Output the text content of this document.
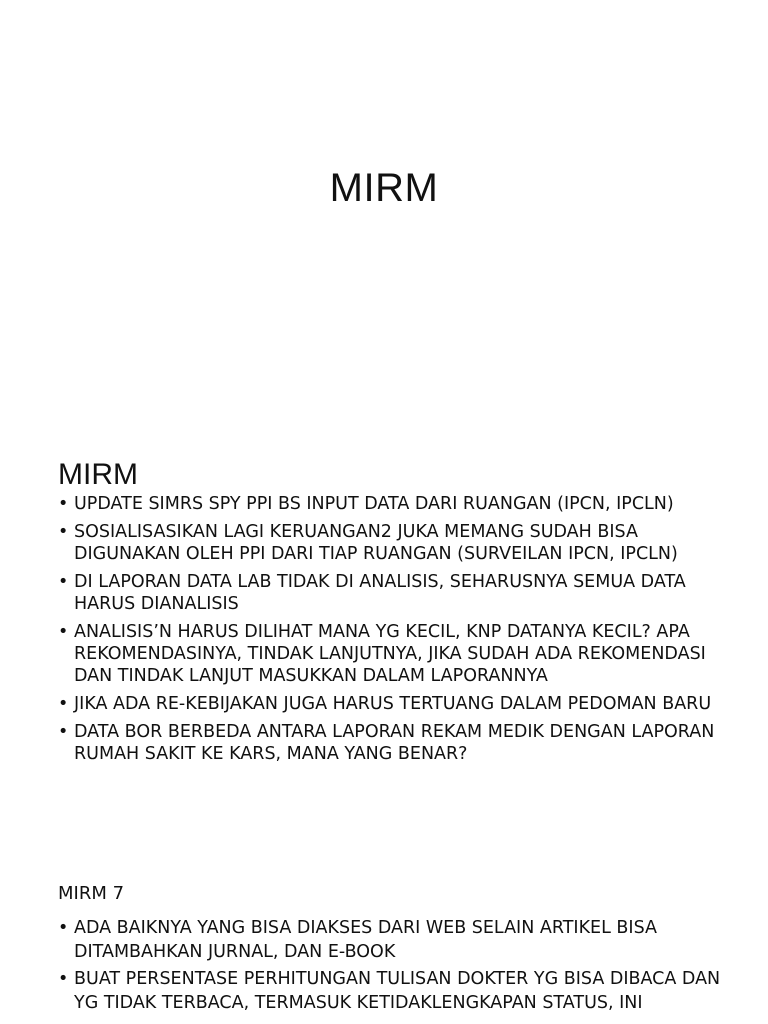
MIRM
MIRM
• UPDATE SIMRS SPY PPI BS INPUT DATA DARI RUANGAN (IPCN, IPCLN)
• SOSIALISASIKAN LAGI KERUANGAN2 JUKA MEMANG SUDAH BISA DIGUNAKAN OLEH PPI DARI TIAP RUANGAN (SURVEILAN IPCN, IPCLN)
• DI LAPORAN DATA LAB TIDAK DI ANALISIS, SEHARUSNYA SEMUA DATA HARUS DIANALISIS
• ANALISIS’N HARUS DILIHAT MANA YG KECIL, KNP DATANYA KECIL? APA REKOMENDASINYA, TINDAK LANJUTNYA, JIKA SUDAH ADA REKOMENDASI DAN TINDAK LANJUT MASUKKAN DALAM LAPORANNYA
• JIKA ADA RE-KEBIJAKAN JUGA HARUS TERTUANG DALAM PEDOMAN BARU
• DATA BOR BERBEDA ANTARA LAPORAN REKAM MEDIK DENGAN LAPORAN RUMAH SAKIT KE KARS, MANA YANG BENAR?
MIRM 7
• ADA BAIKNYA YANG BISA DIAKSES DARI WEB SELAIN ARTIKEL BISA DITAMBAHKAN JURNAL, DAN E-BOOK
• BUAT PERSENTASE PERHITUNGAN TULISAN DOKTER YG BISA DIBACA DAN YG TIDAK TERBACA, TERMASUK KETIDAKLENGKAPAN STATUS, INI
